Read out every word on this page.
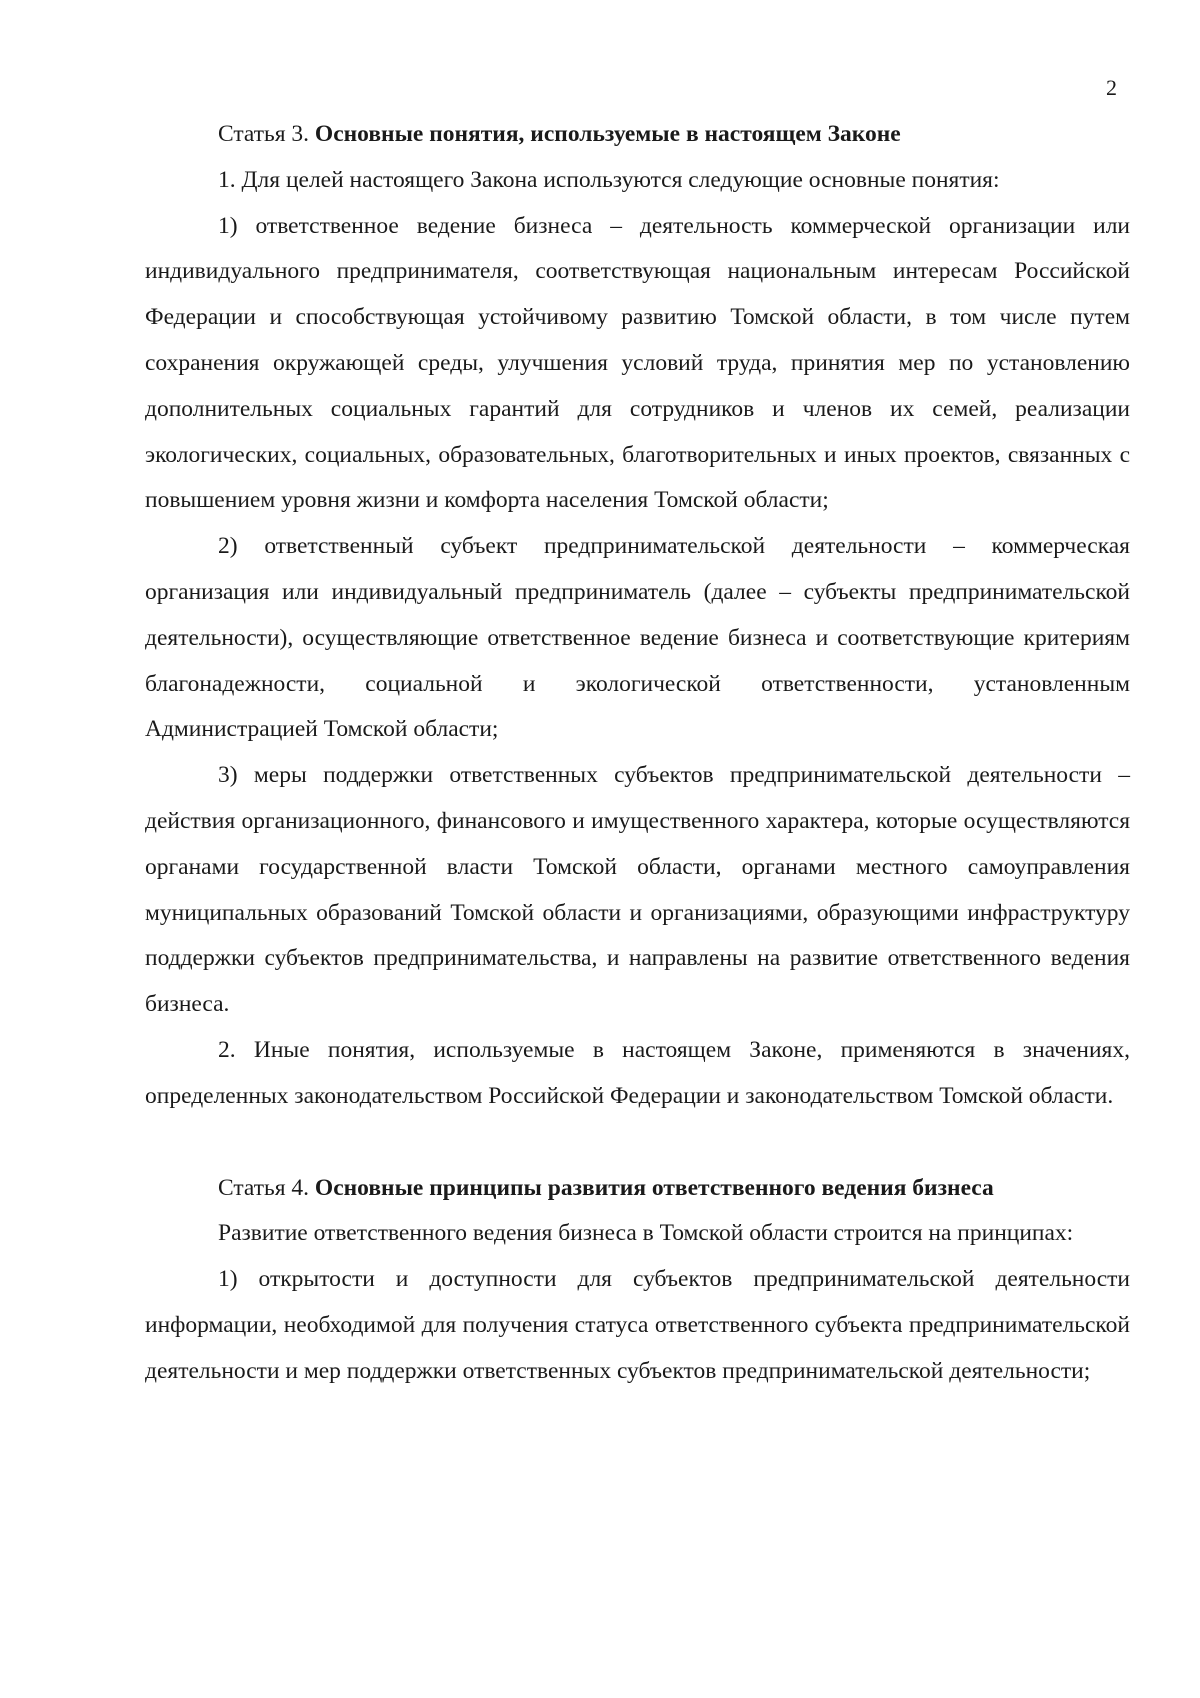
2

Статья 3. Основные понятия, используемые в настоящем Законе

1. Для целей настоящего Закона используются следующие основные понятия:

1) ответственное ведение бизнеса – деятельность коммерческой организации или индивидуального предпринимателя, соответствующая национальным интересам Российской Федерации и способствующая устойчивому развитию Томской области, в том числе путем сохранения окружающей среды, улучшения условий труда, принятия мер по установлению дополнительных социальных гарантий для сотрудников и членов их семей, реализации экологических, социальных, образовательных, благотворительных и иных проектов, связанных с повышением уровня жизни и комфорта населения Томской области;

2) ответственный субъект предпринимательской деятельности – коммерческая организация или индивидуальный предприниматель (далее – субъекты предпринимательской деятельности), осуществляющие ответственное ведение бизнеса и соответствующие критериям благонадежности, социальной и экологической ответственности, установленным Администрацией Томской области;

3) меры поддержки ответственных субъектов предпринимательской деятельности – действия организационного, финансового и имущественного характера, которые осуществляются органами государственной власти Томской области, органами местного самоуправления муниципальных образований Томской области и организациями, образующими инфраструктуру поддержки субъектов предпринимательства, и направлены на развитие ответственного ведения бизнеса.

2. Иные понятия, используемые в настоящем Законе, применяются в значениях, определенных законодательством Российской Федерации и законодательством Томской области.

Статья 4. Основные принципы развития ответственного ведения бизнеса

Развитие ответственного ведения бизнеса в Томской области строится на принципах:

1) открытости и доступности для субъектов предпринимательской деятельности информации, необходимой для получения статуса ответственного субъекта предпринимательской деятельности и мер поддержки ответственных субъектов предпринимательской деятельности;
